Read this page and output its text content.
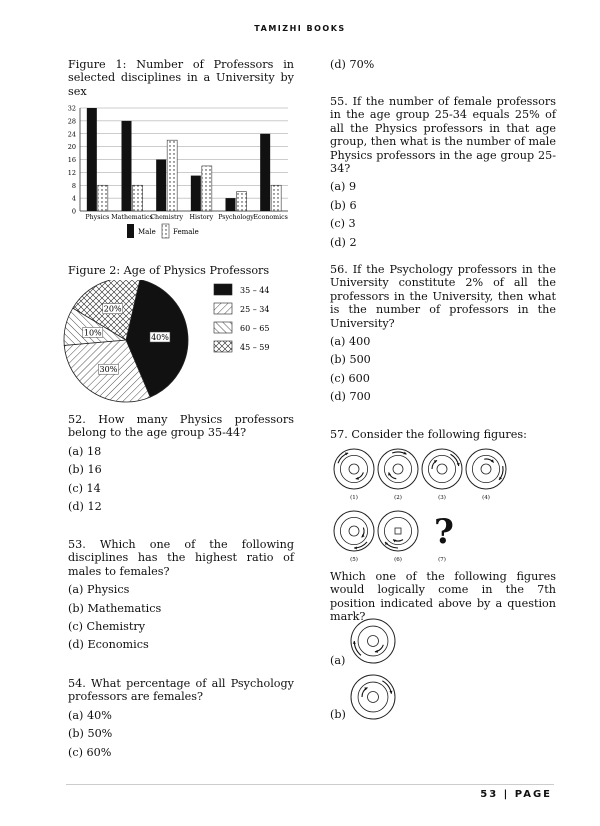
TAMIZHI BOOKS
Figure 1: Number of Professors in selected disciplines in a University by sex
0
4
8
12
16
20
24
28
32
Physics Mathematics
Chemistry History Psychology Economics
Male Female
Figure 2: Age of Physics Professors
40%
30%
10%
20%
35 – 44
25 – 34
60 – 65
45 – 59

52. How many Physics professors belong to the age group 35-44?

(a) 18

(b) 16

(c) 14

(d) 12

53. Which one of the following disciplines has the highest ratio of males to females?

(a) Physics

(b) Mathematics

(c) Chemistry

(d) Economics

54. What percentage of all Psychology professors are females?

(a) 40%

(b) 50%

(c) 60%

(d) 70%

55. If the number of female professors in the age group 25-34 equals 25% of all the Physics professors in that age group, then what is the number of male Physics professors in the age group 25-34?

(a) 9

(b) 6

(c) 3

(d) 2

56. If the Psychology professors in the University constitute 2% of all the professors in the University, then what is the number of professors in the University?

(a) 400

(b) 500

(c) 600

(d) 700

57. Consider the following figures:
(1)	(2)	(3)	(4)
(5)	(6)	(7)
?
Which one of the following figures would logically come in the 7th position indicated above by a question mark?
(a)
(b)
53 | PAGE
